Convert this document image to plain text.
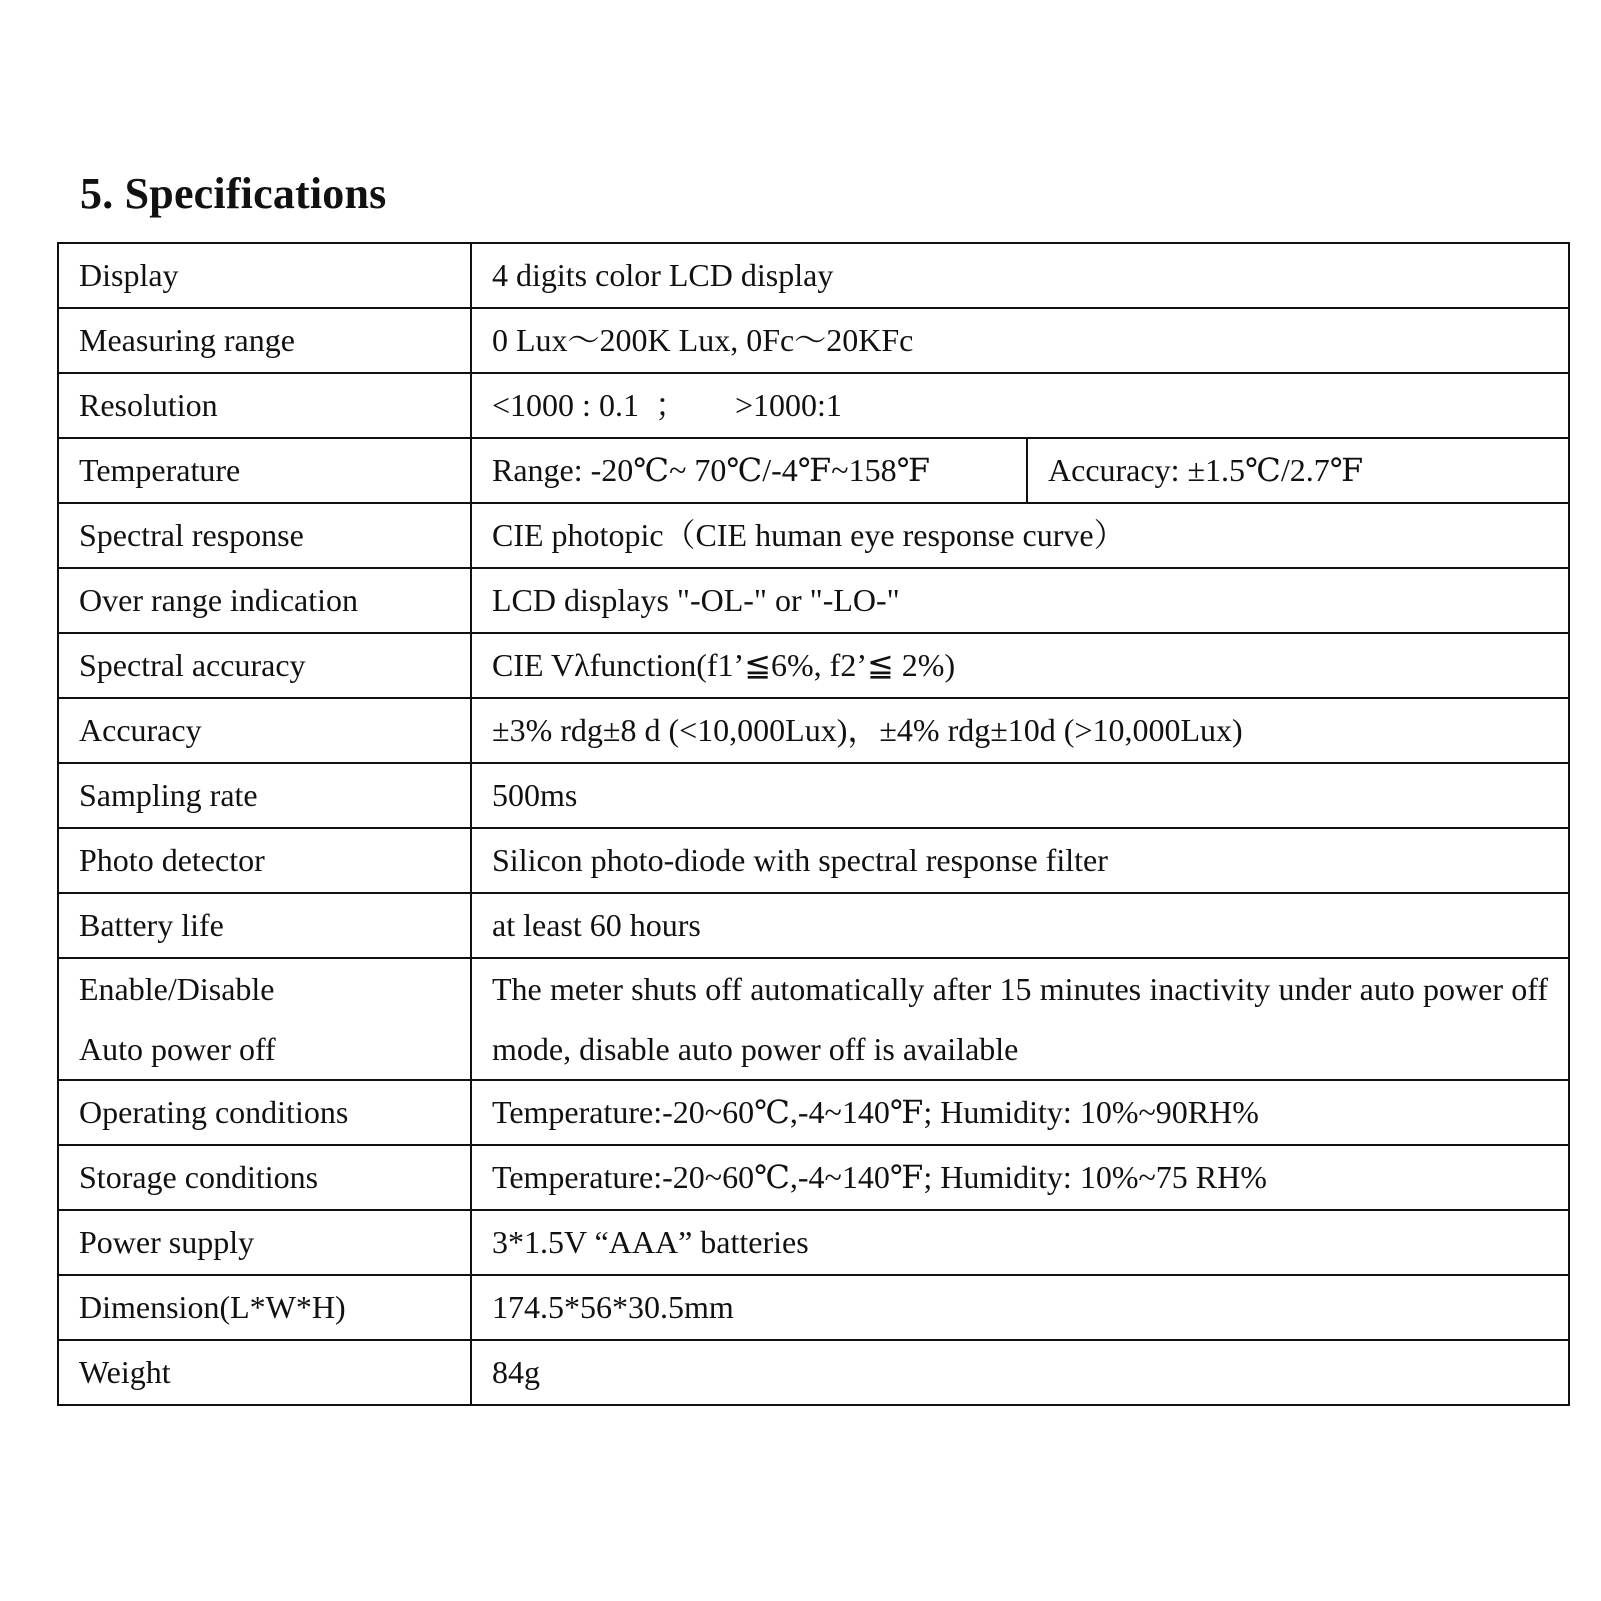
5. Specifications
Display	4 digits color LCD display
Measuring range	0 Lux～200K Lux, 0Fc～20KFc
Resolution	<1000 : 0.1  ；      >1000:1
Temperature	Range: -20℃~ 70℃/-4℉~158℉ Accuracy: ±1.5℃/2.7℉

Spectral response	CIE photopic（CIE human eye response curve）
Over range indication	LCD displays "-OL-" or "-LO-"
Spectral accuracy	CIE Vλfunction(f1’≦6%, f2’≦ 2%)
Accuracy	±3% rdg±8 d (<10,000Lux)，±4% rdg±10d (>10,000Lux)
Sampling rate	500ms
Photo detector	Silicon photo-diode with spectral response filter
Battery life	at least 60 hours

Enable/Disable
Auto power off	The meter shuts off automatically after 15 minutes inactivity under auto power off mode, disable auto power off is available
Operating conditions	Temperature:-20~60℃,-4~140℉; Humidity: 10%~90RH%
Storage conditions	Temperature:-20~60℃,-4~140℉; Humidity: 10%~75 RH%
Power supply	3*1.5V “AAA” batteries
Dimension(L*W*H)	174.5*56*30.5mm
Weight	84g
